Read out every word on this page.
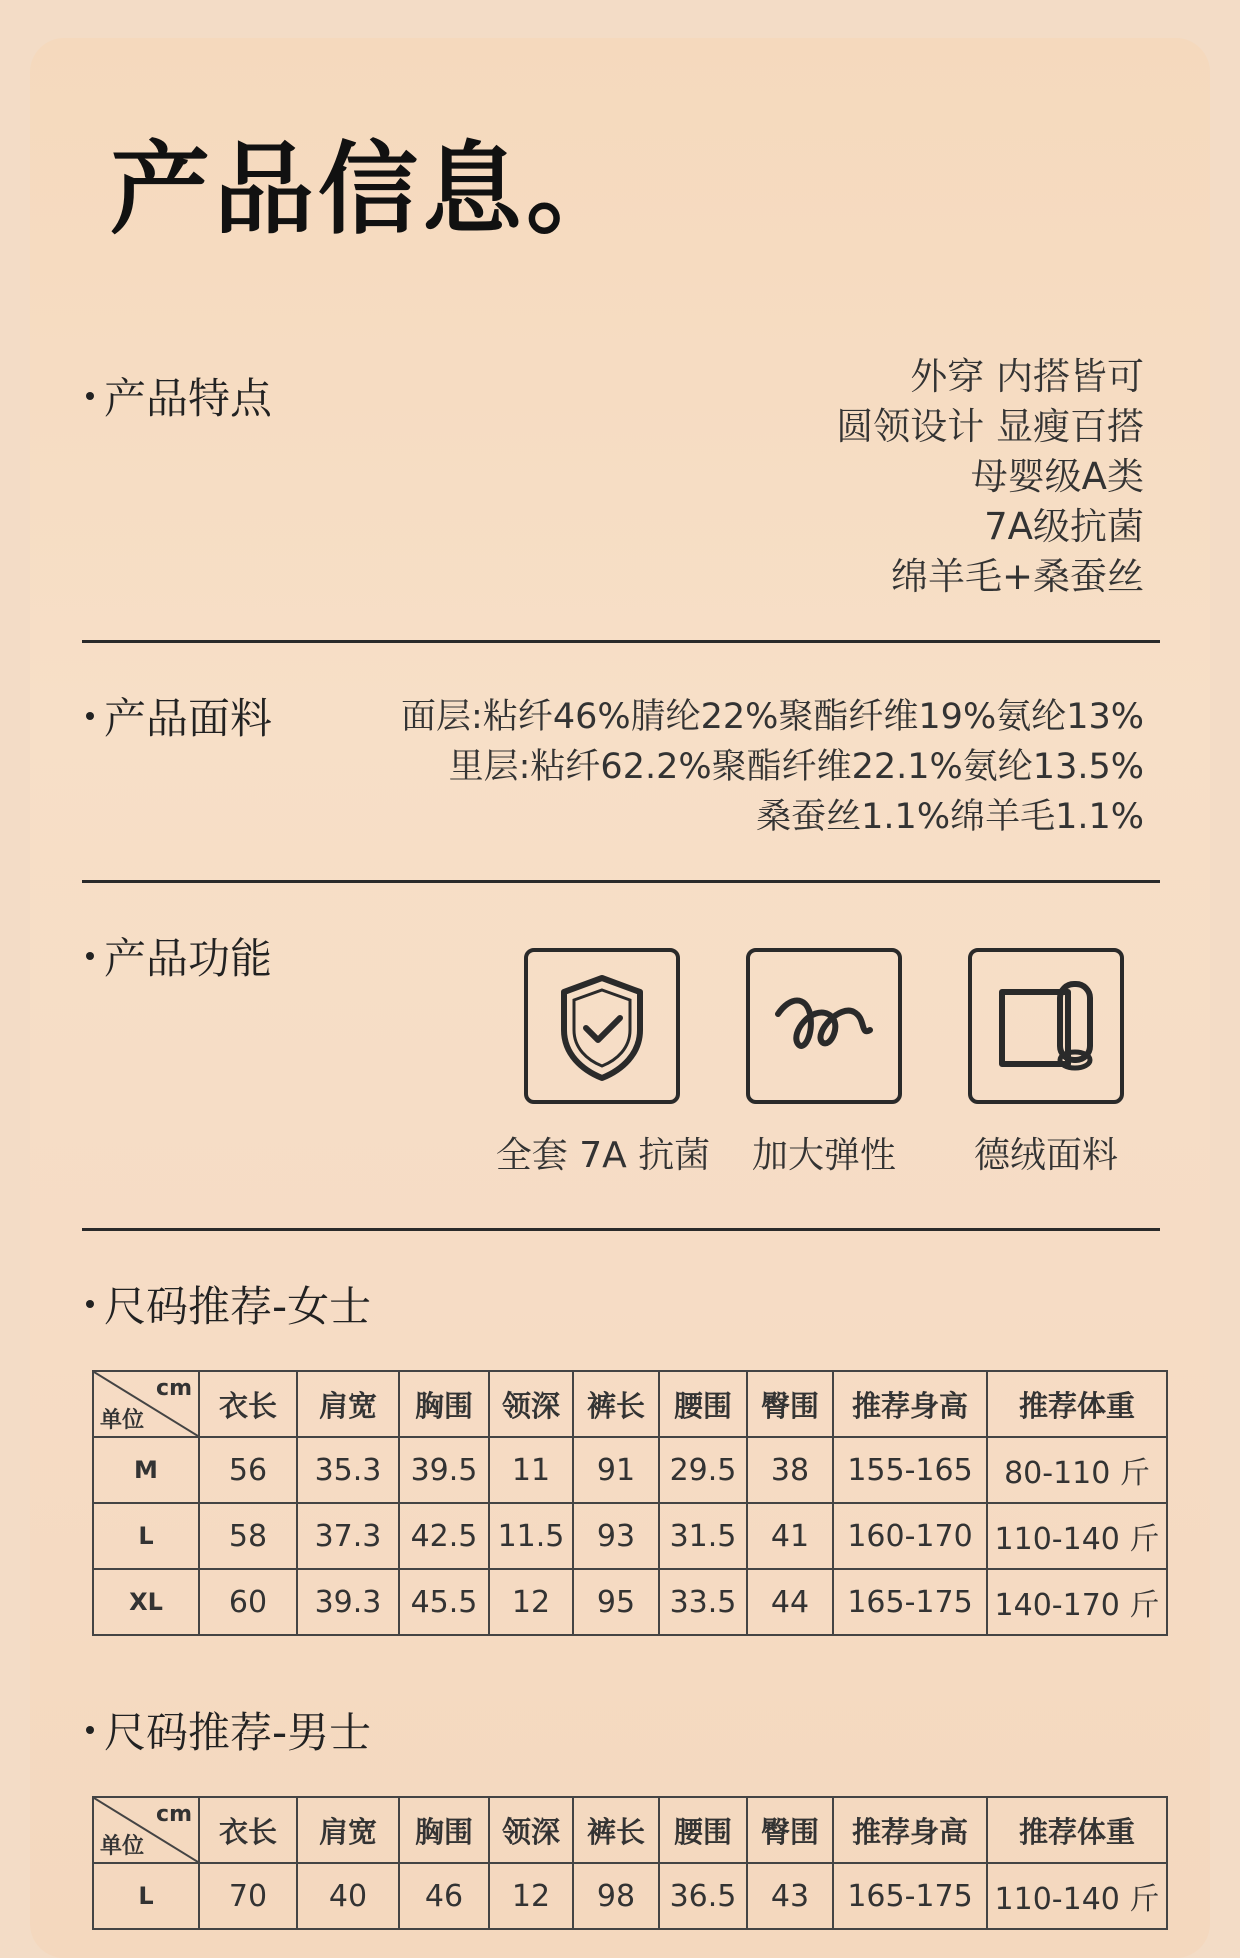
产品信息。
产品特点	外穿 内搭皆可
圆领设计 显瘦百搭
母婴级A类
7A级抗菌
绵羊毛+桑蚕丝
产品面料	面层:粘纤46%腈纶22%聚酯纤维19%氨纶13%
里层:粘纤62.2%聚酯纤维22.1%氨纶13.5%
桑蚕丝1.1%绵羊毛1.1%
产品功能
全套 7A 抗菌	加大弹性	德绒面料
尺码推荐-女士
cm
单位	衣长	肩宽	胸围	领深	裤长	腰围	臀围	推荐身高	推荐体重
M	56	35.3	39.5	11	91	29.5	38	155-165	80-110 斤
L	58	37.3	42.5	11.5	93	31.5	41	160-170	110-140 斤
XL	60	39.3	45.5	12	95	33.5	44	165-175	140-170 斤
尺码推荐-男士
cm
单位	衣长	肩宽	胸围	领深	裤长	腰围	臀围	推荐身高	推荐体重
L	70	40	46	12	98	36.5	43	165-175	110-140 斤
